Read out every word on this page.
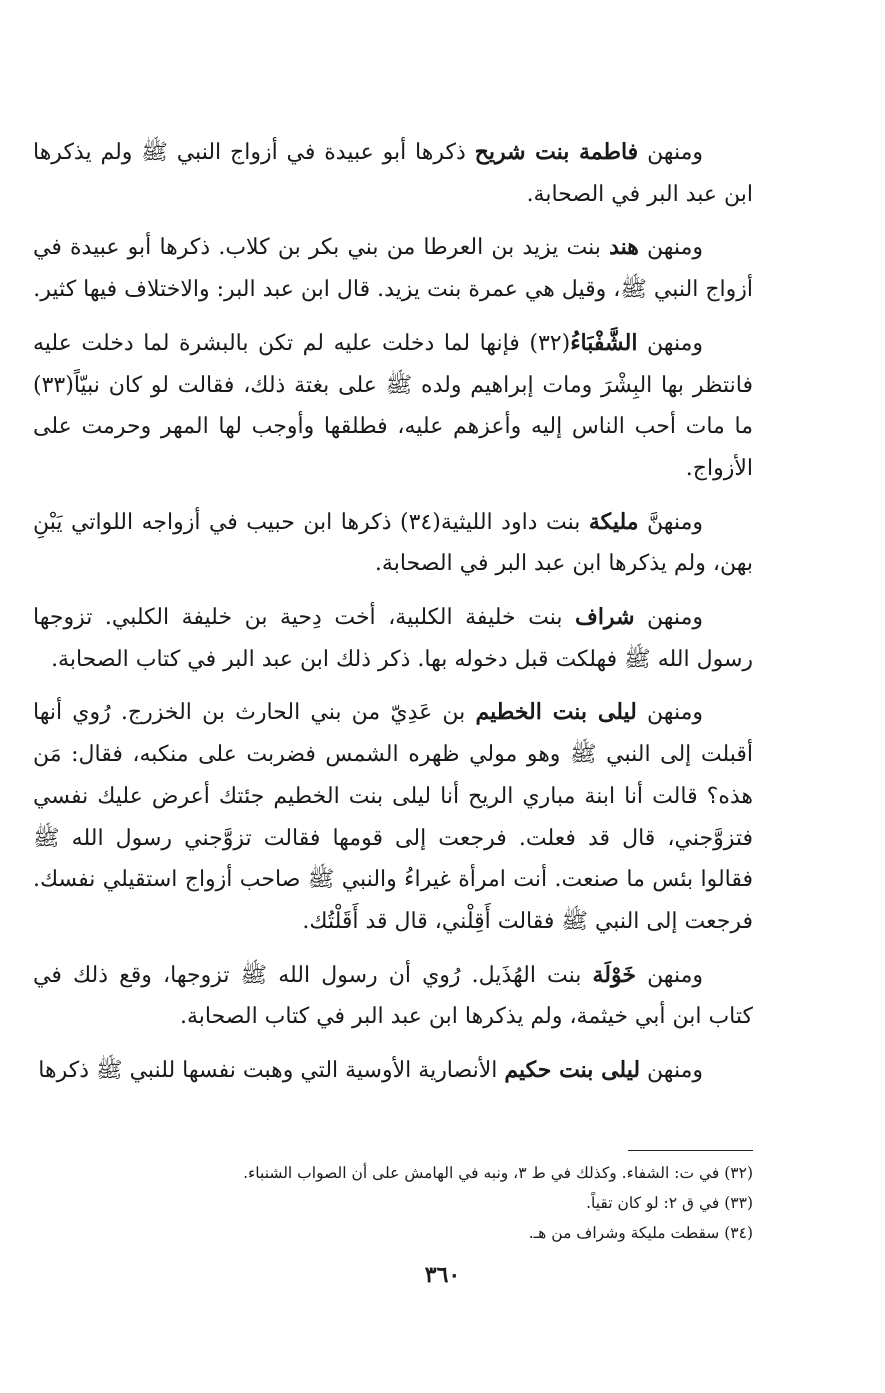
ومنهن فاطمة بنت شريح ذكرها أبو عبيدة في أزواج النبي ﷺ ولم يذكرها ابن عبد البر في الصحابة.

ومنهن هند بنت يزيد بن العرطا من بني بكر بن كلاب. ذكرها أبو عبيدة في أزواج النبي ﷺ، وقيل هي عمرة بنت يزيد. قال ابن عبد البر: والاختلاف فيها كثير.

ومنهن الشَّفْبَاءُ(٣٢) فإنها لما دخلت عليه لم تكن بالبشرة لما دخلت عليه فانتظر بها البِشْرَ ومات إبراهيم ولده ﷺ على بغتة ذلك، فقالت لو كان نبيّاً(٣٣) ما مات أحب الناس إليه وأعزهم عليه، فطلقها وأوجب لها المهر وحرمت على الأزواج.

ومنهنَّ مليكة بنت داود الليثية(٣٤) ذكرها ابن حبيب في أزواجه اللواتي يَبْنِ بهن، ولم يذكرها ابن عبد البر في الصحابة.

ومنهن شراف بنت خليفة الكلبية، أخت دِحية بن خليفة الكلبي. تزوجها رسول الله ﷺ فهلكت قبل دخوله بها. ذكر ذلك ابن عبد البر في كتاب الصحابة.

ومنهن ليلى بنت الخطيم بن عَدِيّ من بني الحارث بن الخزرج. رُوي أنها أقبلت إلى النبي ﷺ وهو مولي ظهره الشمس فضربت على منكبه، فقال: مَن هذه؟ قالت أنا ابنة مباري الريح أنا ليلى بنت الخطيم جئتك أعرض عليك نفسي فتزوَّجني، قال قد فعلت. فرجعت إلى قومها فقالت تزوَّجني رسول الله ﷺ فقالوا بئس ما صنعت. أنت امرأة غيراءُ والنبي ﷺ صاحب أزواج استقيلي نفسك. فرجعت إلى النبي ﷺ فقالت أَقِلْني، قال قد أَقَلْتُك.

ومنهن خَوْلَة بنت الهُذَيل. رُوي أن رسول الله ﷺ تزوجها، وقع ذلك في كتاب ابن أبي خيثمة، ولم يذكرها ابن عبد البر في كتاب الصحابة.

ومنهن ليلى بنت حكيم الأنصارية الأوسية التي وهبت نفسها للنبي ﷺ ذكرها

(٣٢) في ت: الشفاء. وكذلك في ط ٣، ونبه في الهامش على أن الصواب الشنباء.

(٣٣) في ق ٢: لو كان تقياً.

(٣٤) سقطت مليكة وشراف من هـ.

٣٦٠
